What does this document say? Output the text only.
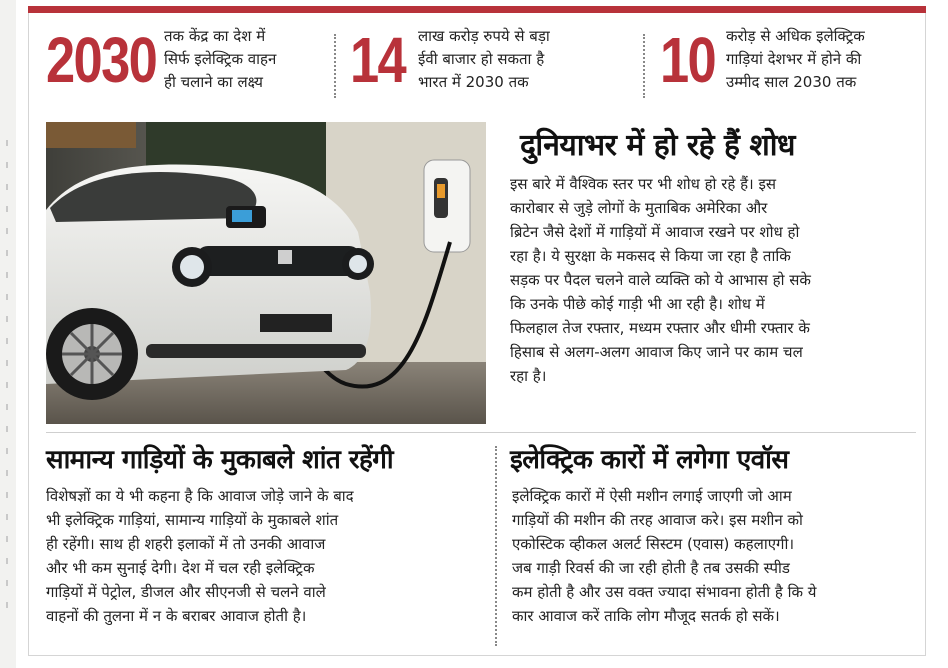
2030 तक केंद्र का देश में
सिर्फ इलेक्ट्रिक वाहन
ही चलाने का लक्ष्य 14 लाख करोड़ रुपये से बड़ा
ईवी बाजार हो सकता है
भारत में 2030 तक	10 करोड़ से अधिक इलेक्ट्रिक
गाड़ियां देशभर में होने की
उम्मीद साल 2030 तक
दुनियाभर में हो रहे हैं शोध
इस बारे में वैश्विक स्तर पर भी शोध हो रहे हैं। इस
कारोबार से जुड़े लोगों के मुताबिक अमेरिका और
ब्रिटेन जैसे देशों में गाड़ियों में आवाज रखने पर शोध हो
रहा है। ये सुरक्षा के मकसद से किया जा रहा है ताकि
सड़क पर पैदल चलने वाले व्यक्ति को ये आभास हो सके
कि उनके पीछे कोई गाड़ी भी आ रही है। शोध में
फिलहाल तेज रफ्तार, मध्यम रफ्तार और धीमी रफ्तार के
हिसाब से अलग-अलग आवाज किए जाने पर काम चल
रहा है।
सामान्य गाड़ियों के मुकाबले शांत रहेंगी
विशेषज्ञों का ये भी कहना है कि आवाज जोड़े जाने के बाद
भी इलेक्ट्रिक गाड़ियां, सामान्य गाड़ियों के मुकाबले शांत
ही रहेंगी। साथ ही शहरी इलाकों में तो उनकी आवाज
और भी कम सुनाई देगी। देश में चल रही इलेक्ट्रिक
गाड़ियों में पेट्रोल, डीजल और सीएनजी से चलने वाले
वाहनों की तुलना में न के बराबर आवाज होती है।
इलेक्ट्रिक कारों में लगेगा एवॉस
इलेक्ट्रिक कारों में ऐसी मशीन लगाई जाएगी जो आम
गाड़ियों की मशीन की तरह आवाज करे। इस मशीन को
एकोस्टिक व्हीकल अलर्ट सिस्टम (एवास) कहलाएगी।
जब गाड़ी रिवर्स की जा रही होती है तब उसकी स्पीड
कम होती है और उस वक्त ज्यादा संभावना होती है कि ये
कार आवाज करें ताकि लोग मौजूद सतर्क हो सकें।
